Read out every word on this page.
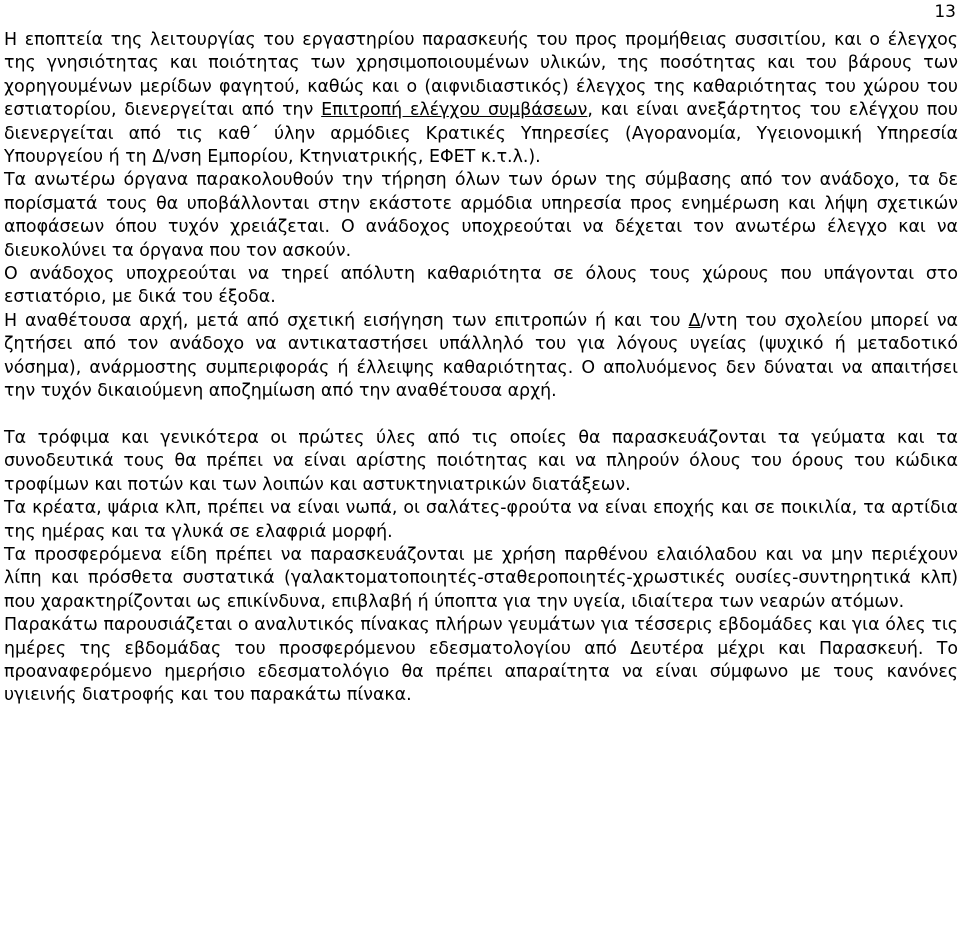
13

Η εποπτεία της λειτουργίας του εργαστηρίου παρασκευής του προς προμήθειας συσσιτίου, και ο έλεγχος της γνησιότητας και ποιότητας των χρησιμοποιουμένων υλικών, της ποσότητας και του βάρους των χορηγουμένων μερίδων φαγητού, καθώς και ο (αιφνιδιαστικός) έλεγχος της καθαριότητας του χώρου του εστιατορίου, διενεργείται από την Επιτροπή ελέγχου συμβάσεων, και είναι ανεξάρτητος του ελέγχου που διενεργείται από τις καθ΄ ύλην αρμόδιες Κρατικές Υπηρεσίες (Αγορανομία, Υγειονομική Υπηρεσία Υπουργείου ή τη Δ/νση Εμπορίου, Κτηνιατρικής, ΕΦΕΤ κ.τ.λ.).

Τα ανωτέρω όργανα παρακολουθούν την τήρηση όλων των όρων της σύμβασης από τον ανάδοχο, τα δε πορίσματά τους θα υποβάλλονται στην εκάστοτε αρμόδια υπηρεσία προς ενημέρωση και λήψη σχετικών αποφάσεων όπου τυχόν χρειάζεται. Ο ανάδοχος υποχρεούται να δέχεται τον ανωτέρω έλεγχο και να διευκολύνει τα όργανα που τον ασκούν.

Ο ανάδοχος υποχρεούται να τηρεί απόλυτη καθαριότητα σε όλους τους χώρους που υπάγονται στο εστιατόριο, με δικά του έξοδα.

Η αναθέτουσα αρχή, μετά από σχετική εισήγηση των επιτροπών ή και του Δ/ντη του σχολείου μπορεί να ζητήσει από τον ανάδοχο να αντικαταστήσει υπάλληλό του για λόγους υγείας (ψυχικό ή μεταδοτικό νόσημα), ανάρμοστης συμπεριφοράς ή έλλειψης καθαριότητας. Ο απολυόμενος δεν δύναται να απαιτήσει την τυχόν δικαιούμενη αποζημίωση από την αναθέτουσα αρχή.

Τα τρόφιμα και γενικότερα οι πρώτες ύλες από τις οποίες θα παρασκευάζονται τα γεύματα και τα συνοδευτικά τους θα πρέπει να είναι αρίστης ποιότητας και να πληρούν όλους του όρους του κώδικα τροφίμων και ποτών και των λοιπών και αστυκτηνιατρικών διατάξεων.

Τα κρέατα, ψάρια κλπ, πρέπει να είναι νωπά, οι σαλάτες-φρούτα να είναι εποχής και σε ποικιλία, τα αρτίδια της ημέρας και τα γλυκά σε ελαφριά μορφή.

Τα προσφερόμενα είδη πρέπει να παρασκευάζονται με χρήση παρθένου ελαιόλαδου και να μην περιέχουν λίπη και πρόσθετα συστατικά (γαλακτοματοποιητές-σταθεροποιητές-χρωστικές ουσίες-συντηρητικά κλπ) που χαρακτηρίζονται ως επικίνδυνα, επιβλαβή ή ύποπτα για την υγεία, ιδιαίτερα των νεαρών ατόμων.

Παρακάτω παρουσιάζεται ο αναλυτικός πίνακας πλήρων γευμάτων για τέσσερις εβδομάδες και για όλες τις ημέρες της εβδομάδας του προσφερόμενου εδεσματολογίου από Δευτέρα μέχρι και Παρασκευή. Το προαναφερόμενο ημερήσιο εδεσματολόγιο θα πρέπει απαραίτητα να είναι σύμφωνο με τους κανόνες υγιεινής διατροφής και του παρακάτω πίνακα.
